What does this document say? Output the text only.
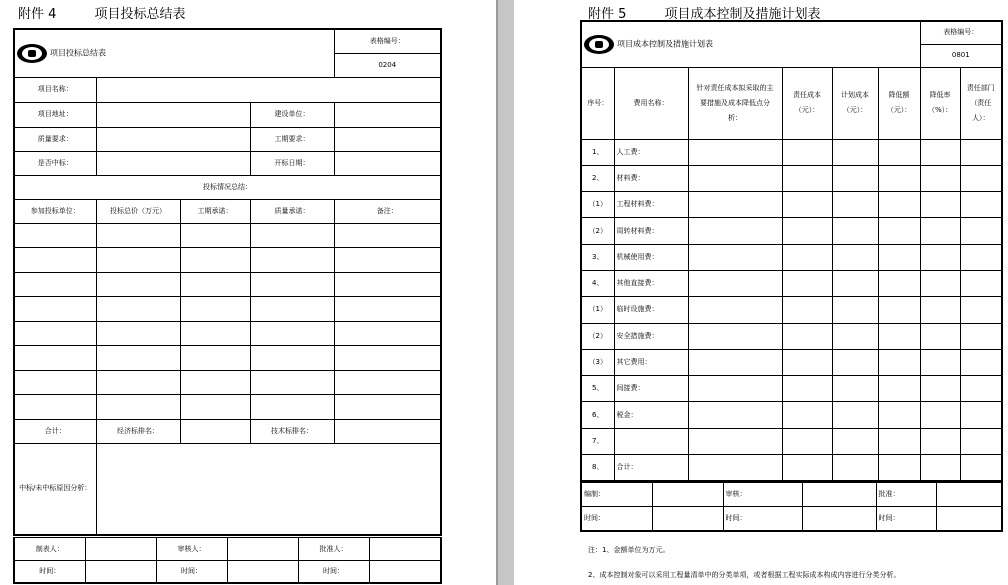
附件 4	项目投标总结表
项目投标总结表				表格编号：
				0204
项目名称：				
项目地址：			建设单位：	
质量要求：			工期要求：	
是否中标：			开标日期：	
投标情况总结：				
参加投标单位：	投标总价（万元）	工期承诺：	质量承诺：	备注：

合计：	经济标排名：		技术标排名：	
中标/未中标原因分析：				
制表人：		审核人：		批准人：	
时间：		时间：		时间：	
附件 5	项目成本控制及措施计划表
项目成本控制及措施计划表						表格编号：	
						0801	
序号：	费用名称：	针对责任成本拟采取的主要措施及成本降低点分析：	责任成本（元）：	计划成本（元）：	降低额（元）：	降低率（%）：	责任部门（责任人）：
1、	人工费：						
2、	材料费：						
（1）	工程材料费：						
（2）	周转材料费：						
3、	机械使用费：						
4、	其他直接费：						
（1）	临时设施费：						
（2）	安全措施费：						
（3）	其它费用：						
5、	间接费：						
6、	税金：						
7、							
8、	合计：						
编制：		审核：		批准：	
时间：		时间：		时间：	
注：1、金额单位为万元。
2、成本控制对象可以采用工程量清单中的分类单项，或者根据工程实际成本构成内容进行分类分析。
